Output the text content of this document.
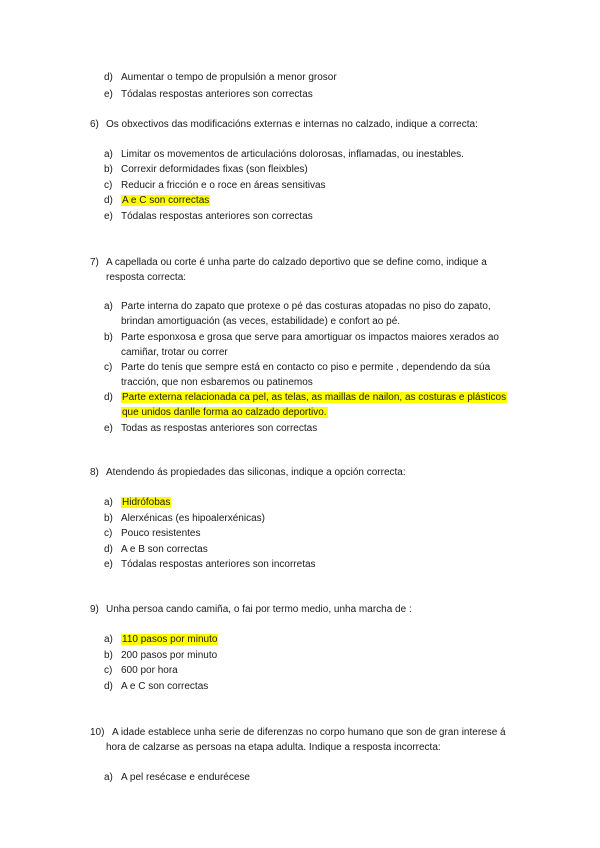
d) Aumentar o tempo de propulsión a menor grosor
e) Tódalas respostas anteriores son correctas
6) Os obxectivos das modificacións externas e internas no calzado, indique a correcta:
a) Limitar os movementos de articulacións dolorosas, inflamadas, ou inestables.
b) Correxir deformidades fixas (son fleixbles)
c) Reducir a fricción e o roce en áreas sensitivas
d) A e C son correctas
e) Tódalas respostas anteriores son correctas
7) A capellada ou corte é unha parte do calzado deportivo que se define como, indique a
resposta correcta:
a) Parte interna do zapato que protexe o pé das costuras atopadas no piso do zapato,
brindan amortiguación (as veces, estabilidade) e confort ao pé.
b) Parte esponxosa e grosa que serve para amortiguar os impactos maiores xerados ao
camiñar, trotar ou correr
c) Parte do tenis que sempre está en contacto co piso e permite , dependendo da súa
tracción, que non esbaremos ou patinemos
d) Parte externa relacionada ca pel, as telas, as maillas de nailon, as costuras e plásticos
que unidos danlle forma ao calzado deportivo.
e) Todas as respostas anteriores son correctas
8) Atendendo ás propiedades das siliconas, indique a opción correcta:
a) Hidrófobas
b) Alerxénicas (es hipoalerxénicas)
c) Pouco resistentes
d) A e B son correctas
e) Tódalas respostas anteriores son incorretas
9) Unha persoa cando camiña, o fai por termo medio, unha marcha de :
a) 110 pasos por minuto
b) 200 pasos por minuto
c) 600 por hora
d) A e C son correctas
10) A idade establece unha serie de diferenzas no corpo humano que son de gran interese á
hora de calzarse as persoas na etapa adulta. Indique a resposta incorrecta:
a) A pel resécase e endurécese
